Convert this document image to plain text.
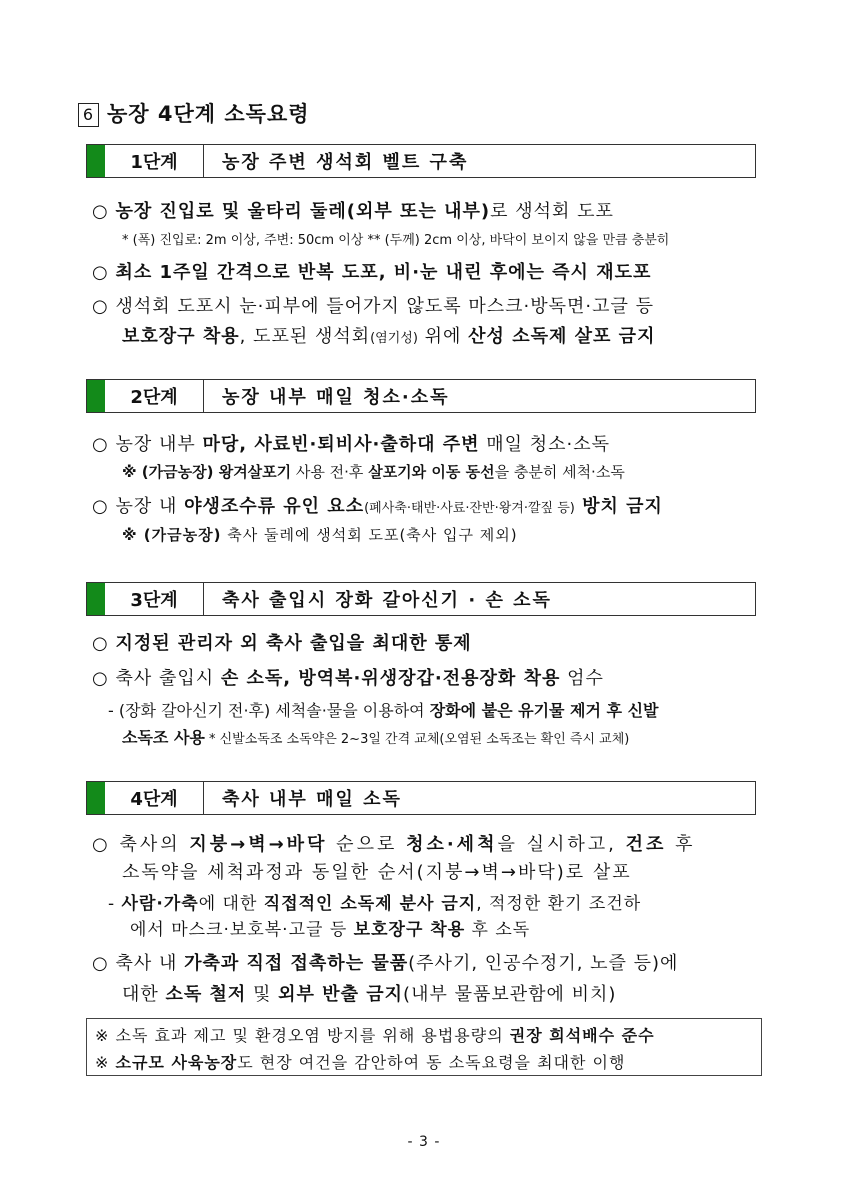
6 농장 4단계 소독요령
1단계	농장 주변 생석회 벨트 구축
○ 농장 진입로 및 울타리 둘레(외부 또는 내부)로 생석회 도포
* (폭) 진입로: 2m 이상, 주변: 50cm 이상 ** (두께) 2cm 이상, 바닥이 보이지 않을 만큼 충분히
○ 최소 1주일 간격으로 반복 도포, 비·눈 내린 후에는 즉시 재도포
○ 생석회 도포시 눈·피부에 들어가지 않도록 마스크·방독면·고글 등
보호장구 착용, 도포된 생석회(염기성) 위에 산성 소독제 살포 금지
2단계	농장 내부 매일 청소·소독
○ 농장 내부 마당, 사료빈·퇴비사·출하대 주변 매일 청소·소독
※ (가금농장) 왕겨살포기 사용 전·후 살포기와 이동 동선을 충분히 세척·소독
○ 농장 내 야생조수류 유인 요소(폐사축·태반·사료·잔반·왕겨·깔짚 등) 방치 금지
※ (가금농장) 축사 둘레에 생석회 도포(축사 입구 제외)
3단계	축사 출입시 장화 갈아신기 · 손 소독
○ 지정된 관리자 외 축사 출입을 최대한 통제
○ 축사 출입시 손 소독, 방역복·위생장갑·전용장화 착용 엄수
- (장화 갈아신기 전·후) 세척솔·물을 이용하여 장화에 붙은 유기물 제거 후 신발
소독조 사용 * 신발소독조 소독약은 2~3일 간격 교체(오염된 소독조는 확인 즉시 교체)
4단계	축사 내부 매일 소독
○ 축사의 지붕→벽→바닥 순으로 청소·세척을 실시하고, 건조 후
소독약을 세척과정과 동일한 순서(지붕→벽→바닥)로 살포
- 사람·가축에 대한 직접적인 소독제 분사 금지, 적정한 환기 조건하
에서 마스크·보호복·고글 등 보호장구 착용 후 소독
○ 축사 내 가축과 직접 접촉하는 물품(주사기, 인공수정기, 노즐 등)에
대한 소독 철저 및 외부 반출 금지(내부 물품보관함에 비치)
※ 소독 효과 제고 및 환경오염 방지를 위해 용법용량의 권장 희석배수 준수
※ 소규모 사육농장도 현장 여건을 감안하여 동 소독요령을 최대한 이행
- 3 -
